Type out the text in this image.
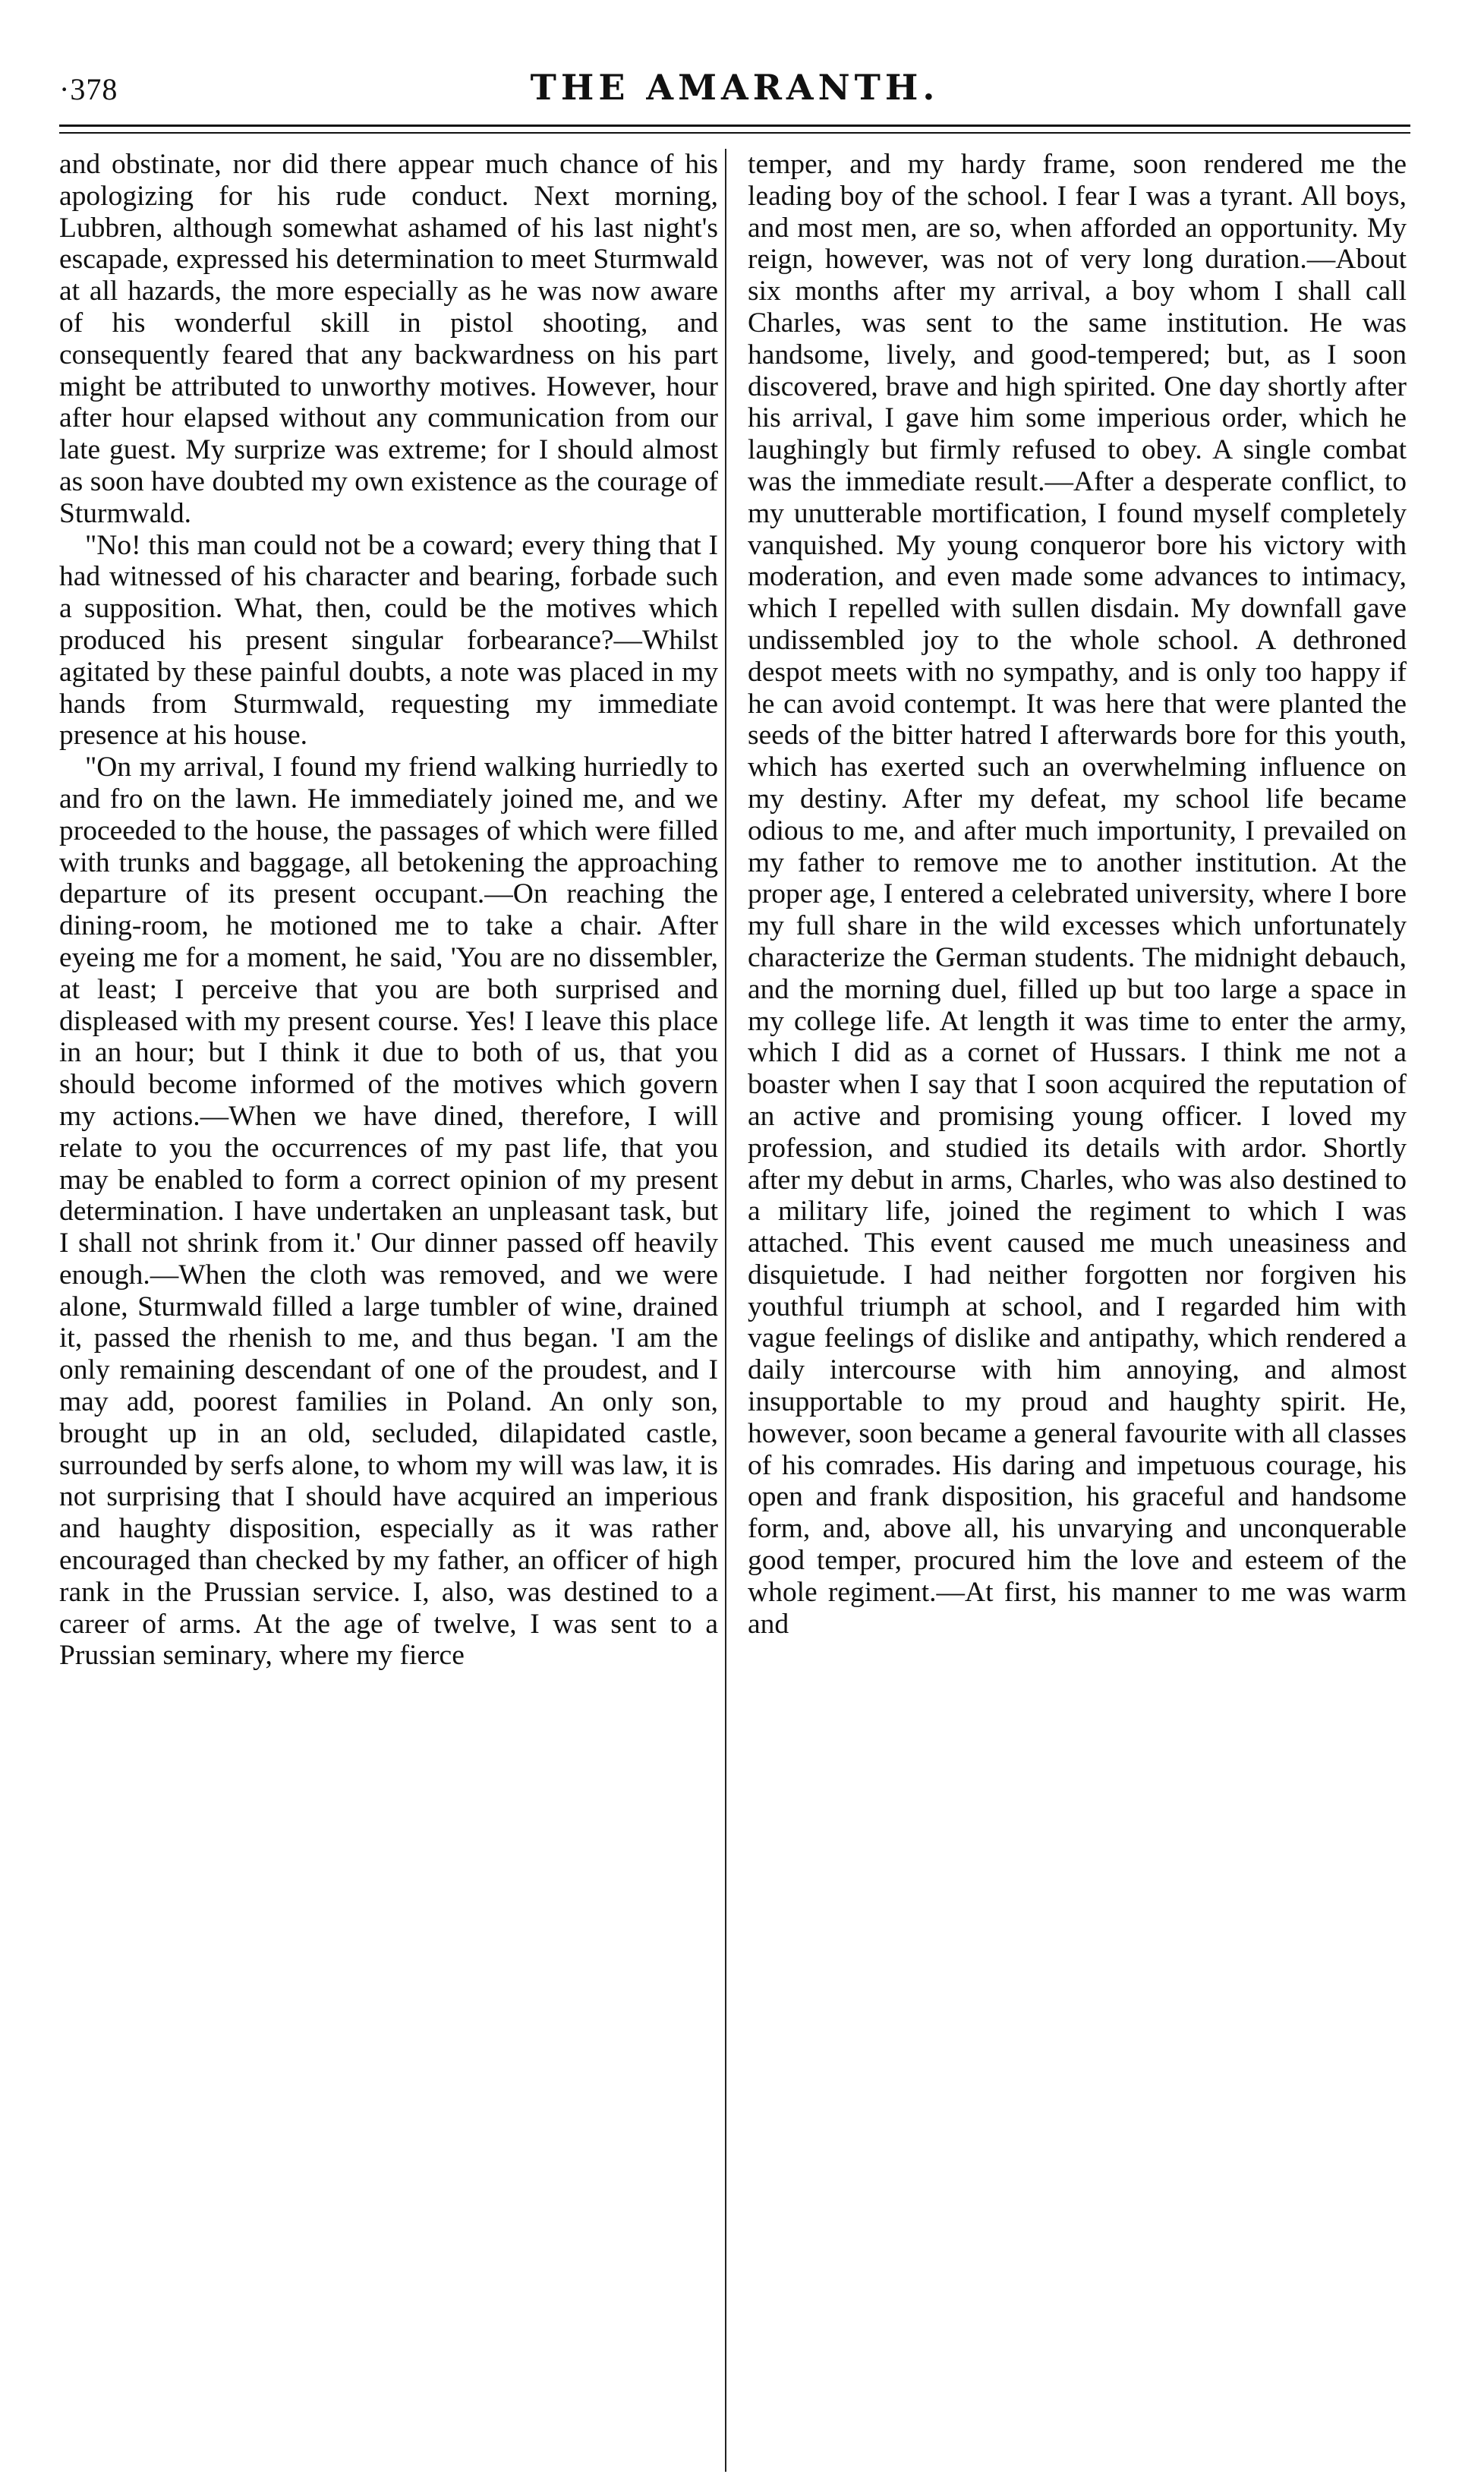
·378	THE AMARANTH.

and obstinate, nor did there appear much chance of his apologizing for his rude conduct. Next morning, Lubbren, although somewhat ashamed of his last night's escapade, expressed his determination to meet Sturmwald at all hazards, the more especially as he was now aware of his wonderful skill in pistol shooting, and consequently feared that any backwardness on his part might be attributed to unworthy motives. However, hour after hour elapsed without any communication from our late guest. My surprize was extreme; for I should almost as soon have doubted my own existence as the courage of Sturmwald.

"No! this man could not be a coward; every thing that I had witnessed of his character and bearing, forbade such a supposition. What, then, could be the motives which produced his present singular forbearance?—Whilst agitated by these painful doubts, a note was placed in my hands from Sturmwald, requesting my immediate presence at his house.

"On my arrival, I found my friend walking hurriedly to and fro on the lawn. He immediately joined me, and we proceeded to the house, the passages of which were filled with trunks and baggage, all betokening the approaching departure of its present occupant.—On reaching the dining-room, he motioned me to take a chair. After eyeing me for a moment, he said, 'You are no dissembler, at least; I perceive that you are both surprised and displeased with my present course. Yes! I leave this place in an hour; but I think it due to both of us, that you should become informed of the motives which govern my actions.—When we have dined, therefore, I will relate to you the occurrences of my past life, that you may be enabled to form a correct opinion of my present determination. I have undertaken an unpleasant task, but I shall not shrink from it.' Our dinner passed off heavily enough.—When the cloth was removed, and we were alone, Sturmwald filled a large tumbler of wine, drained it, passed the rhenish to me, and thus began. 'I am the only remaining descendant of one of the proudest, and I may add, poorest families in Poland. An only son, brought up in an old, secluded, dilapidated castle, surrounded by serfs alone, to whom my will was law, it is not surprising that I should have acquired an imperious and haughty disposition, especially as it was rather encouraged than checked by my father, an officer of high rank in the Prussian service. I, also, was destined to a career of arms. At the age of twelve, I was sent to a Prussian seminary, where my fierce

temper, and my hardy frame, soon rendered me the leading boy of the school. I fear I was a tyrant. All boys, and most men, are so, when afforded an opportunity. My reign, however, was not of very long duration.—About six months after my arrival, a boy whom I shall call Charles, was sent to the same institution. He was handsome, lively, and good-tempered; but, as I soon discovered, brave and high spirited. One day shortly after his arrival, I gave him some imperious order, which he laughingly but firmly refused to obey. A single combat was the immediate result.—After a desperate conflict, to my unutterable mortification, I found myself completely vanquished. My young conqueror bore his victory with moderation, and even made some advances to intimacy, which I repelled with sullen disdain. My downfall gave undissembled joy to the whole school. A dethroned despot meets with no sympathy, and is only too happy if he can avoid contempt. It was here that were planted the seeds of the bitter hatred I afterwards bore for this youth, which has exerted such an overwhelming influence on my destiny. After my defeat, my school life became odious to me, and after much importunity, I prevailed on my father to remove me to another institution. At the proper age, I entered a celebrated university, where I bore my full share in the wild excesses which unfortunately characterize the German students. The midnight debauch, and the morning duel, filled up but too large a space in my college life. At length it was time to enter the army, which I did as a cornet of Hussars. I think me not a boaster when I say that I soon acquired the reputation of an active and promising young officer. I loved my profession, and studied its details with ardor. Shortly after my debut in arms, Charles, who was also destined to a military life, joined the regiment to which I was attached. This event caused me much uneasiness and disquietude. I had neither forgotten nor forgiven his youthful triumph at school, and I regarded him with vague feelings of dislike and antipathy, which rendered a daily intercourse with him annoying, and almost insupportable to my proud and haughty spirit. He, however, soon became a general favourite with all classes of his comrades. His daring and impetuous courage, his open and frank disposition, his graceful and handsome form, and, above all, his unvarying and unconquerable good temper, procured him the love and esteem of the whole regiment.—At first, his manner to me was warm and
